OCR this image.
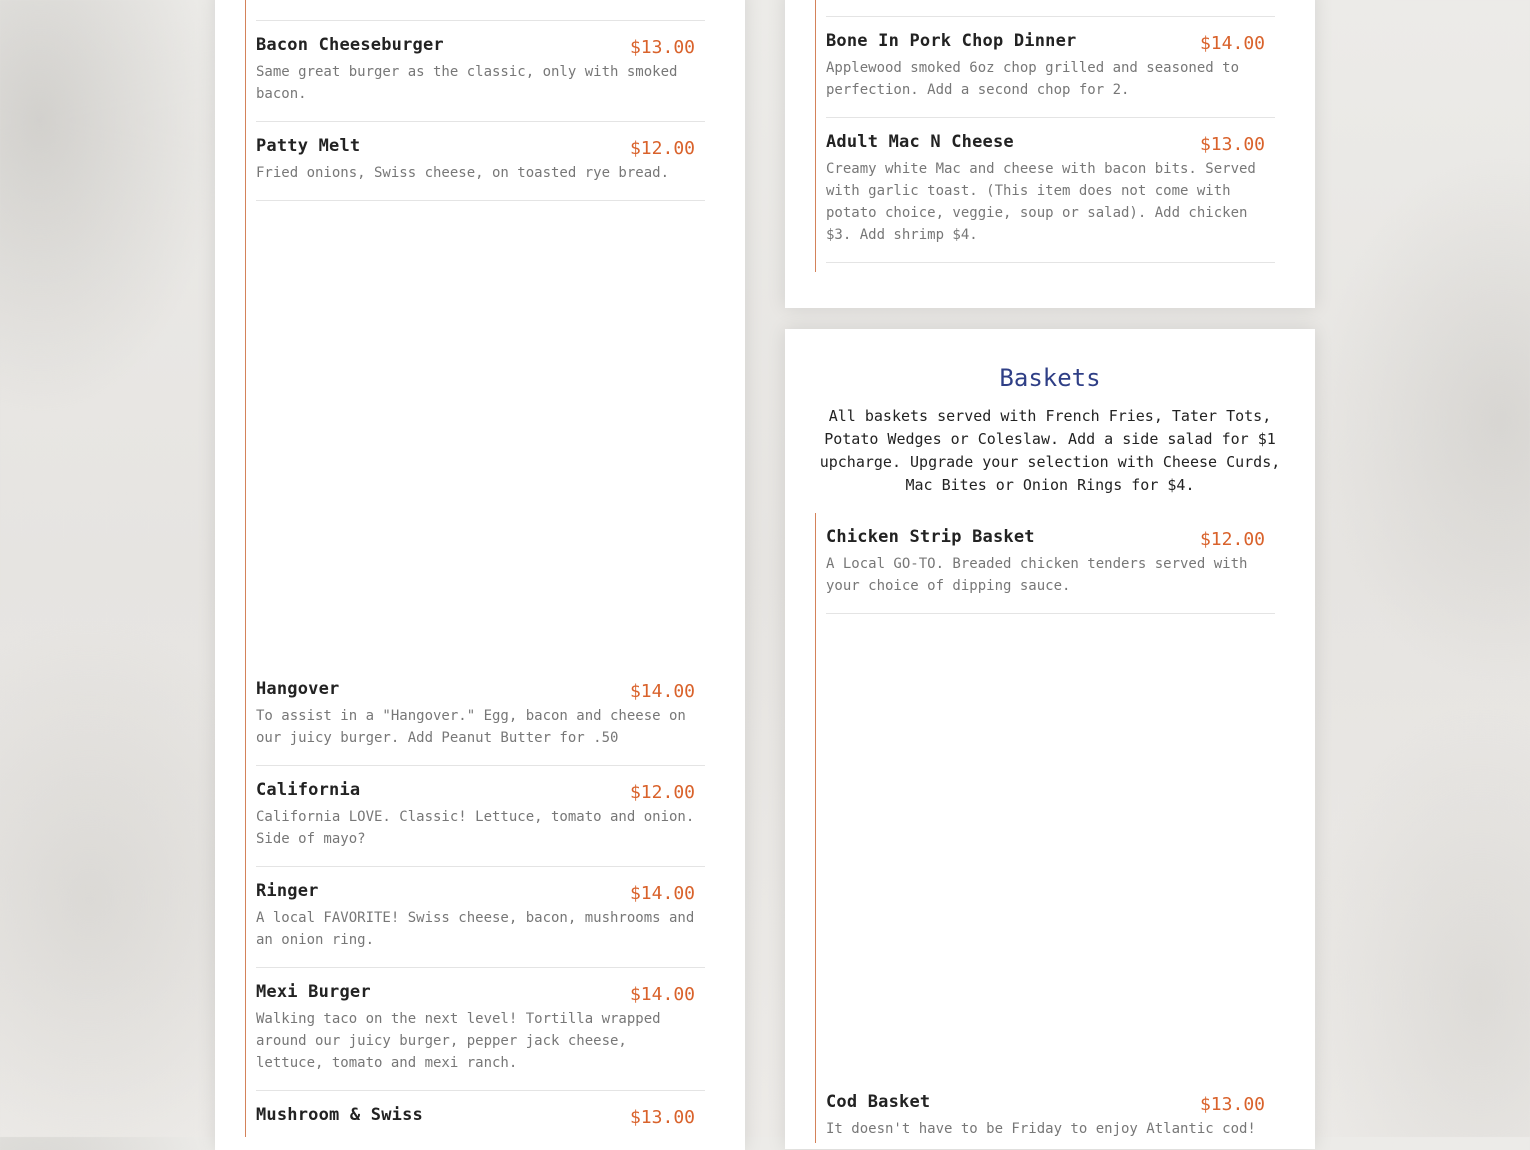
Bacon Cheeseburger	$13.00
Same great burger as the classic, only with smoked bacon.
Patty Melt	$12.00
Fried onions, Swiss cheese, on toasted rye bread.
Hangover	$14.00
To assist in a "Hangover." Egg, bacon and cheese on our juicy burger. Add Peanut Butter for .50
California	$12.00
California LOVE. Classic! Lettuce, tomato and onion. Side of mayo?
Ringer	$14.00
A local FAVORITE! Swiss cheese, bacon, mushrooms and an onion ring.
Mexi Burger	$14.00
Walking taco on the next level! Tortilla wrapped around our juicy burger, pepper jack cheese, lettuce, tomato and mexi ranch.
Mushroom & Swiss	$13.00
Bone In Pork Chop Dinner	$14.00
Applewood smoked 6oz chop grilled and seasoned to perfection. Add a second chop for 2.
Adult Mac N Cheese	$13.00
Creamy white Mac and cheese with bacon bits. Served with garlic toast. (This item does not come with potato choice, veggie, soup or salad). Add chicken $3. Add shrimp $4.
Baskets
All baskets served with French Fries, Tater Tots, Potato Wedges or Coleslaw. Add a side salad for $1 upcharge. Upgrade your selection with Cheese Curds, Mac Bites or Onion Rings for $4.
Chicken Strip Basket	$12.00
A Local GO-TO. Breaded chicken tenders served with your choice of dipping sauce.
Cod Basket	$13.00
It doesn't have to be Friday to enjoy Atlantic cod!
